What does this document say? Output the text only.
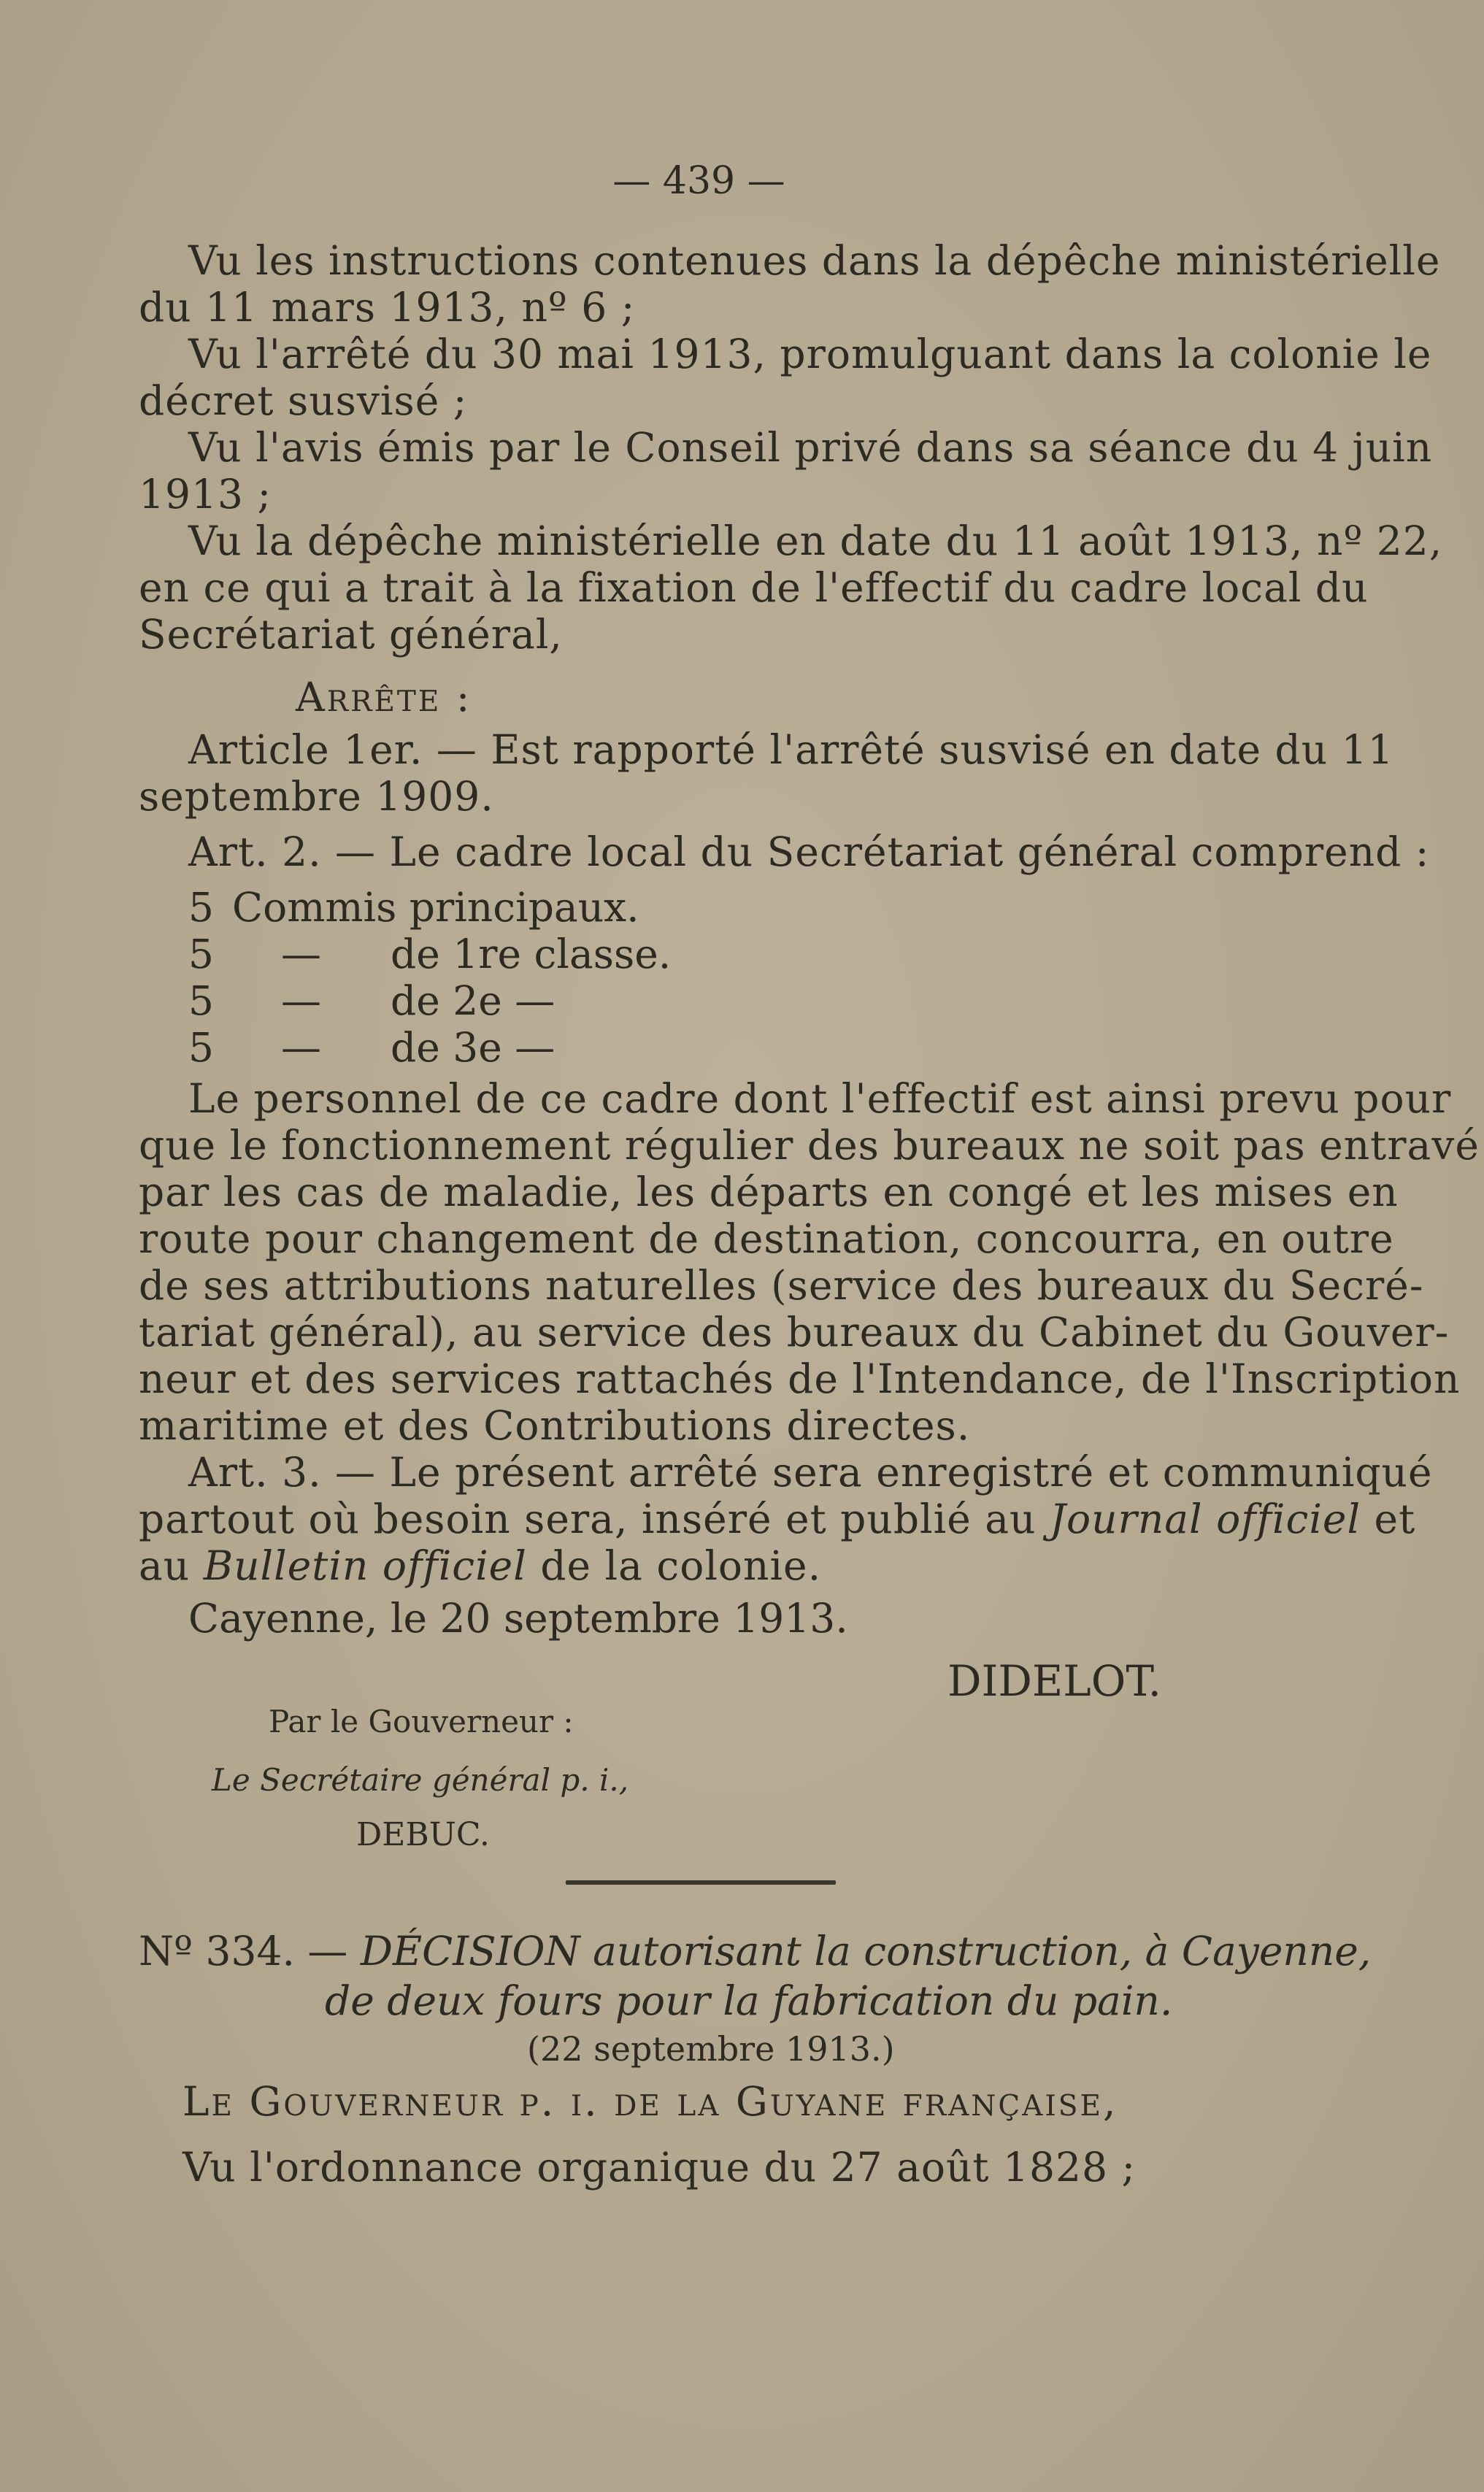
— 439 —
Vu les instructions contenues dans la dépêche ministérielle
du 11 mars 1913, nº 6 ;
Vu l'arrêté du 30 mai 1913, promulguant dans la colonie le
décret susvisé ;
Vu l'avis émis par le Conseil privé dans sa séance du 4 juin
1913 ;
Vu la dépêche ministérielle en date du 11 août 1913, nº 22,
en ce qui a trait à la fixation de l'effectif du cadre local du
Secrétariat général,
Arrête :
Article 1er. — Est rapporté l'arrêté susvisé en date du 11
septembre 1909.
Art. 2. — Le cadre local du Secrétariat général comprend :
5 Commis principaux.
5 — de 1re classe.
5 — de 2e —
5 — de 3e —
Le personnel de ce cadre dont l'effectif est ainsi prevu pour
que le fonctionnement régulier des bureaux ne soit pas entravé
par les cas de maladie, les départs en congé et les mises en
route pour changement de destination, concourra, en outre
de ses attributions naturelles (service des bureaux du Secré-
tariat général), au service des bureaux du Cabinet du Gouver-
neur et des services rattachés de l'Intendance, de l'Inscription
maritime et des Contributions directes.
Art. 3. — Le présent arrêté sera enregistré et communiqué
partout où besoin sera, inséré et publié au Journal officiel et
au Bulletin officiel de la colonie.
Cayenne, le 20 septembre 1913.
DIDELOT.
Par le Gouverneur :
Le Secrétaire général p. i.,
DEBUC.
Nº 334. — DÉCISION autorisant la construction, à Cayenne,
de deux fours pour la fabrication du pain.
(22 septembre 1913.)
Le Gouverneur p. i. de la Guyane française,
Vu l'ordonnance organique du 27 août 1828 ;
